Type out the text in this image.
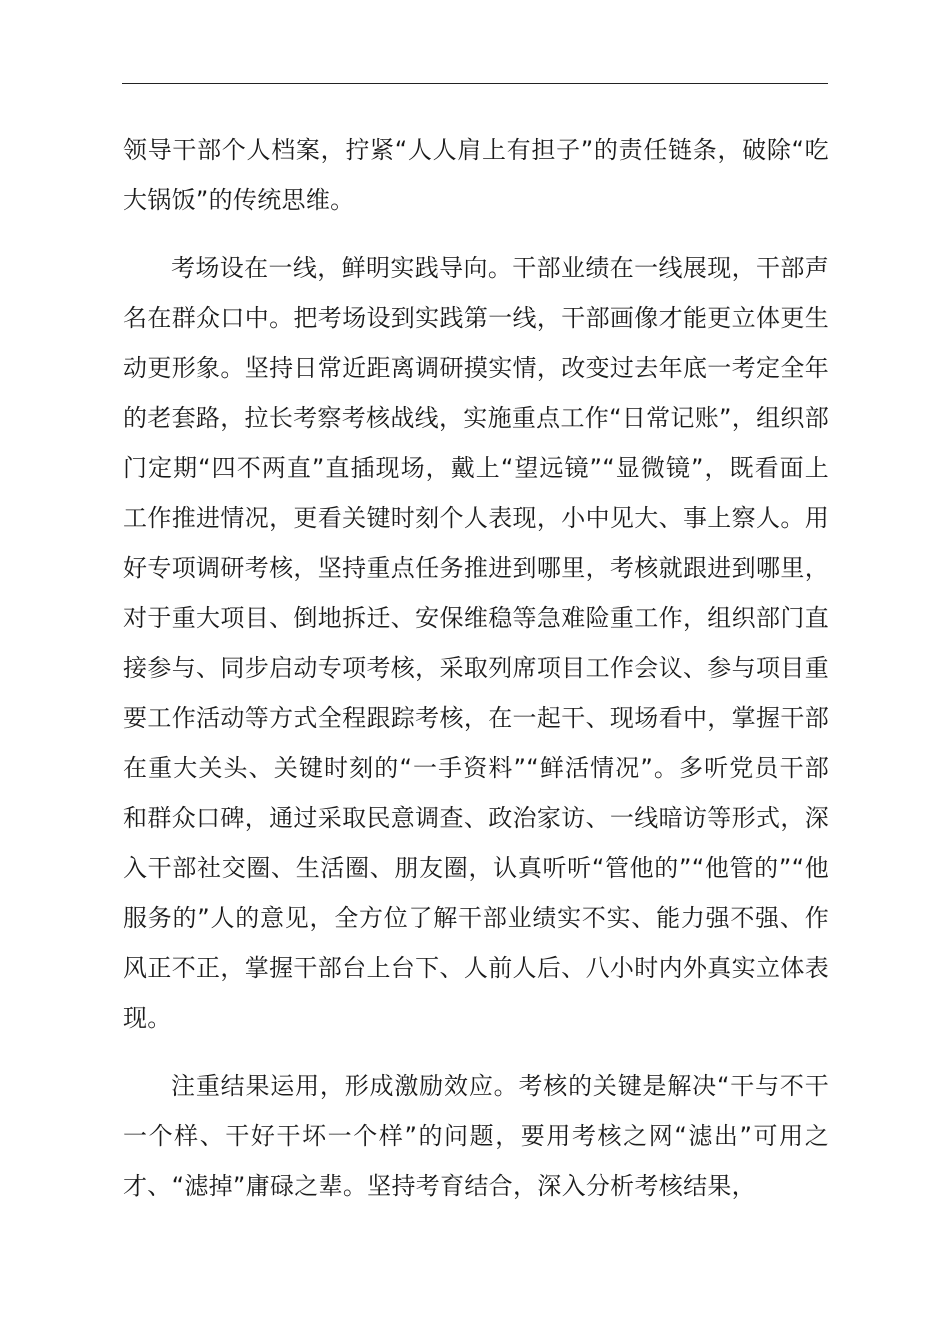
领导干部个人档案，拧紧“人人肩上有担子”的责任链条，破除“吃大锅饭”的传统思维。

考场设在一线，鲜明实践导向。干部业绩在一线展现，干部声名在群众口中。把考场设到实践第一线，干部画像才能更立体更生动更形象。坚持日常近距离调研摸实情，改变过去年底一考定全年的老套路，拉长考察考核战线，实施重点工作“日常记账”，组织部门定期“四不两直”直插现场，戴上“望远镜”“显微镜”，既看面上工作推进情况，更看关键时刻个人表现，小中见大、事上察人。用好专项调研考核，坚持重点任务推进到哪里，考核就跟进到哪里，对于重大项目、倒地拆迁、安保维稳等急难险重工作，组织部门直接参与、同步启动专项考核，采取列席项目工作会议、参与项目重要工作活动等方式全程跟踪考核，在一起干、现场看中，掌握干部在重大关头、关键时刻的“一手资料”“鲜活情况”。多听党员干部和群众口碑，通过采取民意调查、政治家访、一线暗访等形式，深入干部社交圈、生活圈、朋友圈，认真听听“管他的”“他管的”“他服务的”人的意见，全方位了解干部业绩实不实、能力强不强、作风正不正，掌握干部台上台下、人前人后、八小时内外真实立体表现。

注重结果运用，形成激励效应。考核的关键是解决“干与不干一个样、干好干坏一个样”的问题，要用考核之网“滤出”可用之才、“滤掉”庸碌之辈。坚持考育结合，深入分析考核结果，
